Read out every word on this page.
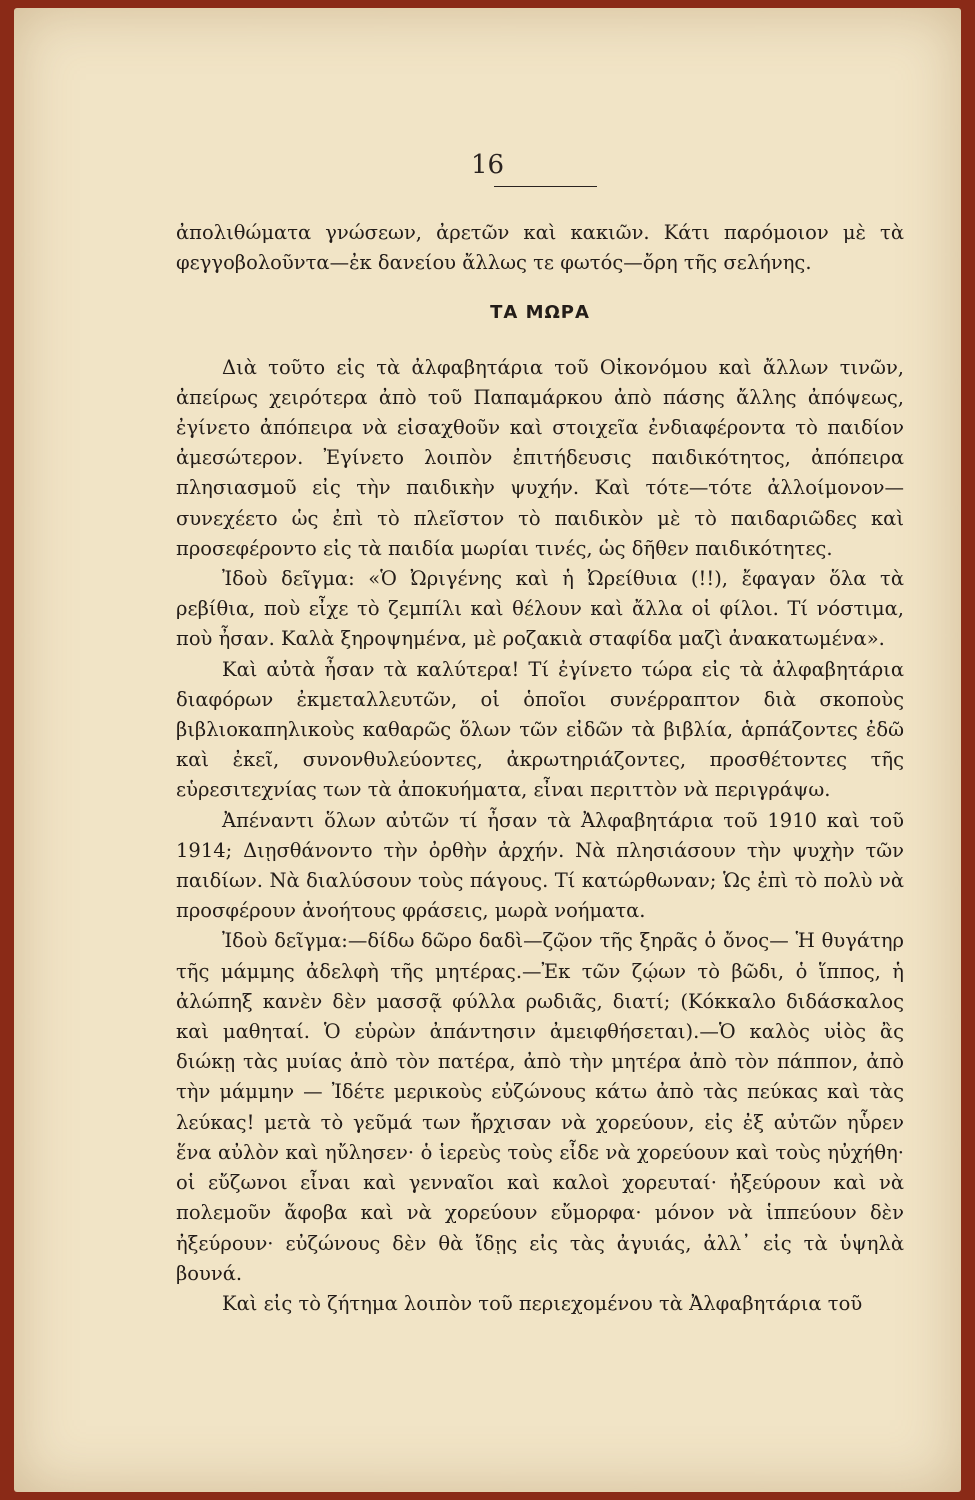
16

ἀπολιθώματα γνώσεων, ἀρετῶν καὶ κακιῶν. Κάτι παρόμοιον μὲ τὰ φεγγοβολοῦντα—ἐκ δανείου ἄλλως τε φωτός—ὄρη τῆς σελήνης.

ΤΑ ΜΩΡΑ

Διὰ τοῦτο εἰς τὰ ἀλφαβητάρια τοῦ Οἰκονόμου καὶ ἄλλων τινῶν, ἀπείρως χειρότερα ἀπὸ τοῦ Παπαμάρκου ἀπὸ πάσης ἄλλης ἀπόψεως, ἐγίνετο ἀπόπειρα νὰ εἰσαχθοῦν καὶ στοιχεῖα ἐνδιαφέροντα τὸ παιδίον ἀμεσώτερον. Ἐγίνετο λοιπὸν ἐπιτήδευσις παιδικότητος, ἀπόπειρα πλησιασμοῦ εἰς τὴν παιδικὴν ψυχήν. Καὶ τότε—τότε ἀλλοίμονον—συνεχέετο ὡς ἐπὶ τὸ πλεῖστον τὸ παιδικὸν μὲ τὸ παιδαριῶδες καὶ προσεφέροντο εἰς τὰ παιδία μωρίαι τινές, ὡς δῆθεν παιδικότητες.

Ἰδοὺ δεῖγμα: «Ὁ Ὠριγένης καὶ ἡ Ὠρείθυια (!!), ἔφαγαν ὅλα τὰ ρεβίθια, ποὺ εἶχε τὸ ζεμπίλι καὶ θέλουν καὶ ἄλλα οἱ φίλοι. Τί νόστιμα, ποὺ ἦσαν. Καλὰ ξηροψημένα, μὲ ροζακιὰ σταφίδα μαζὶ ἀνακατωμένα».

Καὶ αὐτὰ ἦσαν τὰ καλύτερα! Τί ἐγίνετο τώρα εἰς τὰ ἀλφαβητάρια διαφόρων ἐκμεταλλευτῶν, οἱ ὁποῖοι συνέρραπτον διὰ σκοποὺς βιβλιοκαπηλικοὺς καθαρῶς ὅλων τῶν εἰδῶν τὰ βιβλία, ἁρπάζοντες ἐδῶ καὶ ἐκεῖ, συνονθυλεύοντες, ἀκρωτηριάζοντες, προσθέτοντες τῆς εὑρεσιτεχνίας των τὰ ἀποκυήματα, εἶναι περιττὸν νὰ περιγράψω.

Ἀπέναντι ὅλων αὐτῶν τί ἦσαν τὰ Ἀλφαβητάρια τοῦ 1910 καὶ τοῦ 1914; Διῃσθάνοντο τὴν ὀρθὴν ἀρχήν. Νὰ πλησιάσουν τὴν ψυχὴν τῶν παιδίων. Νὰ διαλύσουν τοὺς πάγους. Τί κατώρθωναν; Ὡς ἐπὶ τὸ πολὺ νὰ προσφέρουν ἀνοήτους φράσεις, μωρὰ νοήματα.

Ἰδοὺ δεῖγμα:—δίδω δῶρο δαδὶ—ζῷον τῆς ξηρᾶς ὁ ὄνος— Ἡ θυγάτηρ τῆς μάμμης ἀδελφὴ τῆς μητέρας.—Ἐκ τῶν ζῴων τὸ βῶδι, ὁ ἵππος, ἡ ἀλώπηξ κανὲν δὲν μασσᾷ φύλλα ρωδιᾶς, διατί; (Κόκκαλο διδάσκαλος καὶ μαθηταί. Ὁ εὑρὼν ἀπάντησιν ἀμειφθήσεται).—Ὁ καλὸς υἱὸς ἂς διώκῃ τὰς μυίας ἀπὸ τὸν πατέρα, ἀπὸ τὴν μητέρα ἀπὸ τὸν πάππον, ἀπὸ τὴν μάμμην — Ἰδέτε μερικοὺς εὐζώνους κάτω ἀπὸ τὰς πεύκας καὶ τὰς λεύκας! μετὰ τὸ γεῦμά των ἤρχισαν νὰ χορεύουν, εἰς ἐξ αὐτῶν ηὗρεν ἕνα αὐλὸν καὶ ηὔλησεν· ὁ ἱερεὺς τοὺς εἶδε νὰ χορεύουν καὶ τοὺς ηὐχήθη· οἱ εὔζωνοι εἶναι καὶ γενναῖοι καὶ καλοὶ χορευταί· ἠξεύρουν καὶ νὰ πολεμοῦν ἄφοβα καὶ νὰ χορεύουν εὔμορφα· μόνον νὰ ἱππεύουν δὲν ἠξεύρουν· εὐζώνους δὲν θὰ ἴδῃς εἰς τὰς ἀγυιάς, ἀλλ᾽ εἰς τὰ ὑψηλὰ βουνά.

Καὶ εἰς τὸ ζήτημα λοιπὸν τοῦ περιεχομένου τὰ Ἀλφαβητάρια τοῦ
